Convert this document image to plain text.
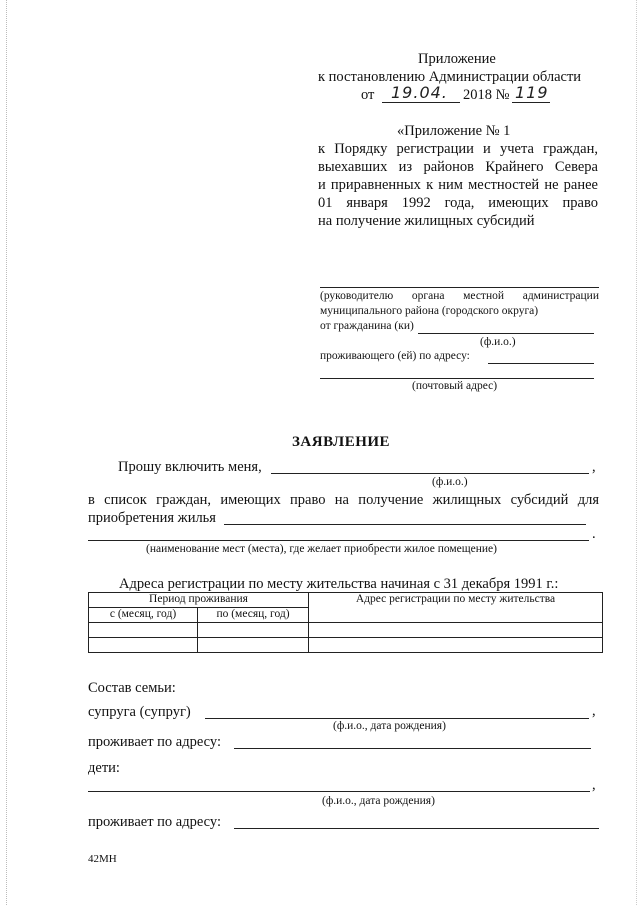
Приложение
к постановлению Администрации области
от 19.04. 2018 № 119
«Приложение № 1
к Порядку регистрации и учета граждан,
выехавших из районов Крайнего Севера
и приравненных к ним местностей не ранее
01 января 1992 года, имеющих право
на получение жилищных субсидий
(руководителю органа местной администрации
муниципального района (городского округа)
от гражданина (ки)
(ф.и.о.)
проживающего (ей) по адресу:
(почтовый адрес)
ЗАЯВЛЕНИЕ
Прошу включить меня,	,
(ф.и.о.)
в список граждан, имеющих право на получение жилищных субсидий для
приобретения жилья
.
(наименование мест (места), где желает приобрести жилое помещение)
Адреса регистрации по месту жительства начиная с 31 декабря 1991 г.:
Период проживания		Адрес регистрации по месту жительства
с (месяц, год)	по (месяц, год)	

Состав семьи:
супруга (супруг)	,
(ф.и.о., дата рождения)
проживает по адресу:
дети:
,
(ф.и.о., дата рождения)
проживает по адресу:
42МН
